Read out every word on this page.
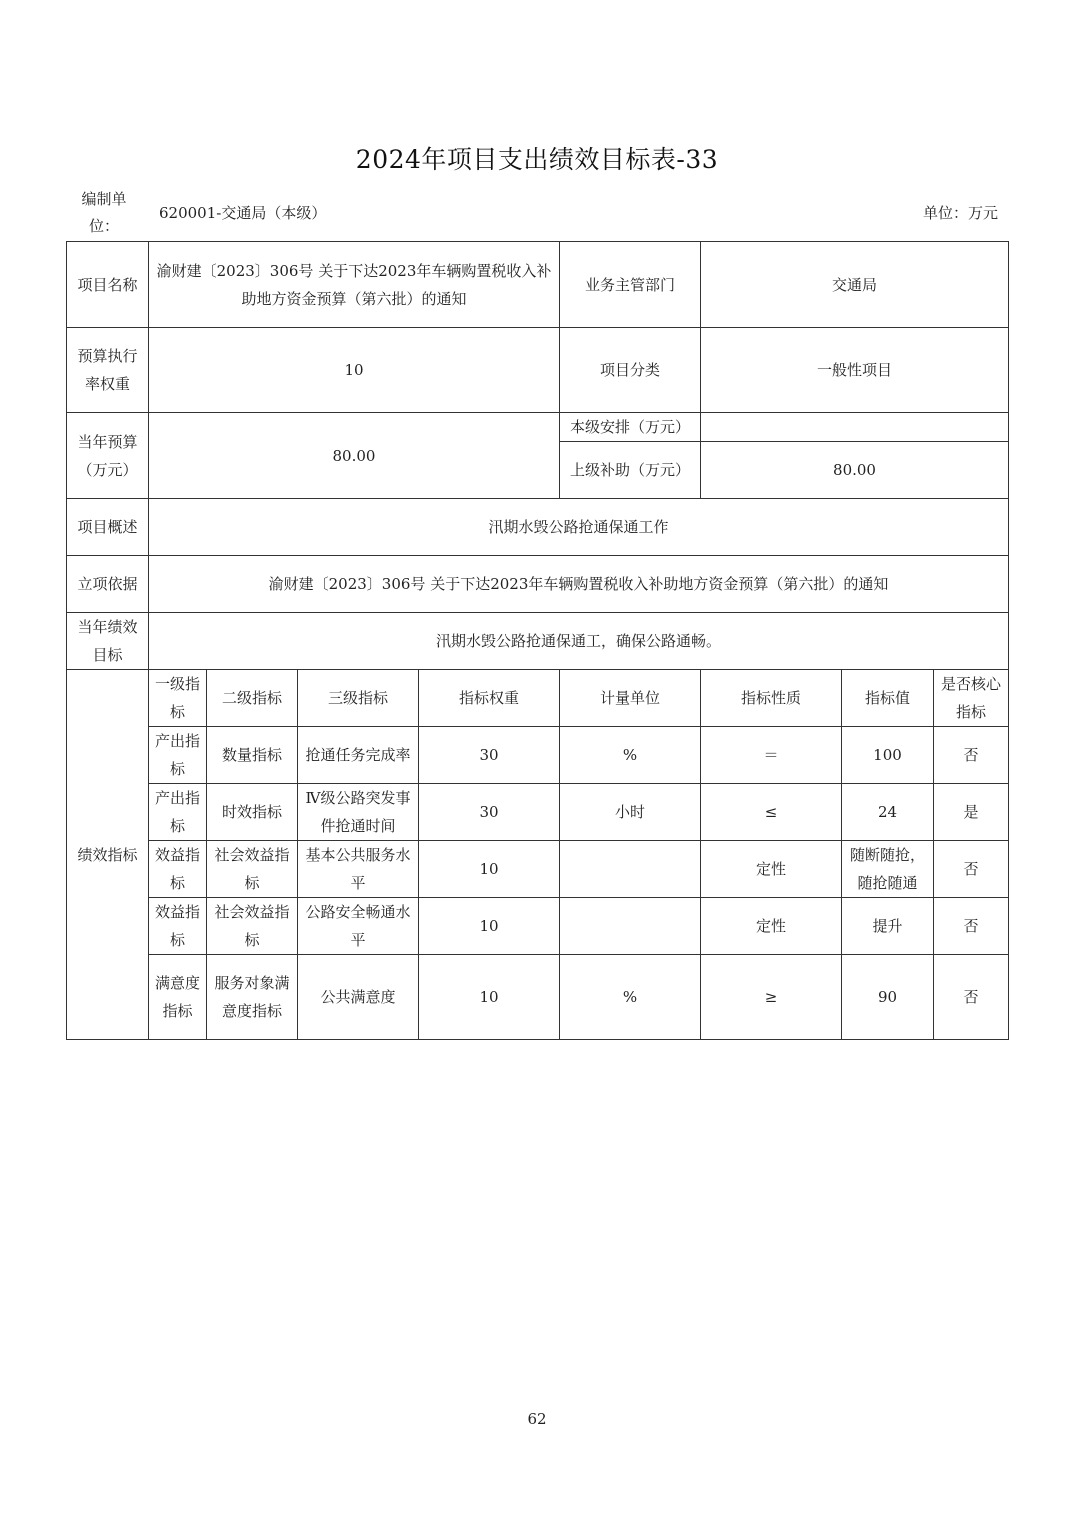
2024年项目支出绩效目标表-33
编制单位：
620001-交通局（本级）	单位：万元
项目名称	渝财建〔2023〕306号 关于下达2023年车辆购置税收入补助地方资金预算（第六批）的通知				业务主管部门	交通局		
预算执行率权重	10				项目分类	一般性项目		
当年预算（万元）	80.00				本级安排（万元）			
					上级补助（万元）	80.00		
项目概述	汛期水毁公路抢通保通工作							
立项依据	渝财建〔2023〕306号 关于下达2023年车辆购置税收入补助地方资金预算（第六批）的通知							
当年绩效目标	汛期水毁公路抢通保通工，确保公路通畅。							
绩效指标	一级指标	二级指标	三级指标	指标权重	计量单位	指标性质	指标值	是否核心指标
	产出指标	数量指标	抢通任务完成率	30	%	＝	100	否
	产出指标	时效指标	Ⅳ级公路突发事件抢通时间	30	小时	≤	24	是
	效益指标	社会效益指标	基本公共服务水平	10		定性	随断随抢，随抢随通	否
	效益指标	社会效益指标	公路安全畅通水平	10		定性	提升	否
	满意度指标	服务对象满意度指标	公共满意度	10	%	≥	90	否
62
